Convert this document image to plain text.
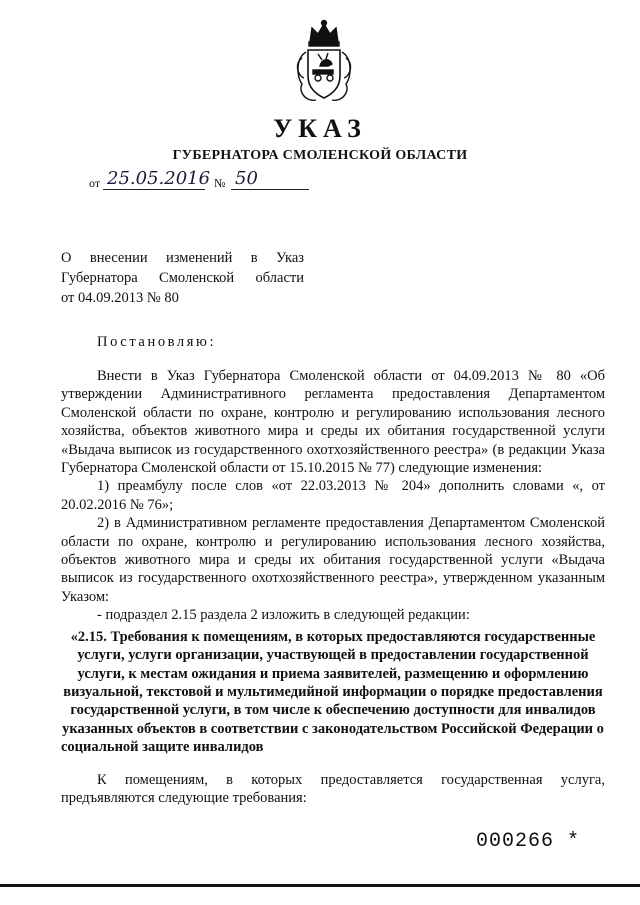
УКАЗ
ГУБЕРНАТОРА СМОЛЕНСКОЙ ОБЛАСТИ
от 25.05.2016 № 50
О внесении изменений в Указ
Губернатора Смоленской области
от 04.09.2013 № 80
Постановляю:

Внести в Указ Губернатора Смоленской области от 04.09.2013 № 80 «Об утверждении Административного регламента предоставления Департаментом Смоленской области по охране, контролю и регулированию использования лесного хозяйства, объектов животного мира и среды их обитания государственной услуги «Выдача выписок из государственного охотхозяйственного реестра» (в редакции Указа Губернатора Смоленской области от 15.10.2015 № 77) следующие изменения:

1) преамбулу после слов «от 22.03.2013 № 204» дополнить словами «, от 20.02.2016 № 76»;

2) в Административном регламенте предоставления Департаментом Смоленской области по охране, контролю и регулированию использования лесного хозяйства, объектов животного мира и среды их обитания государственной услуги «Выдача выписок из государственного охотхозяйственного реестра», утвержденном указанным Указом:

- подраздел 2.15 раздела 2 изложить в следующей редакции:

«2.15. Требования к помещениям, в которых предоставляются государственные услуги, услуги организации, участвующей в предоставлении государственной услуги, к местам ожидания и приема заявителей, размещению и оформлению визуальной, текстовой и мультимедийной информации о порядке предоставления государственной услуги, в том числе к обеспечению доступности для инвалидов указанных объектов в соответствии с законодательством Российской Федерации о социальной защите инвалидов

К помещениям, в которых предоставляется государственная услуга, предъявляются следующие требования:

000266 *
